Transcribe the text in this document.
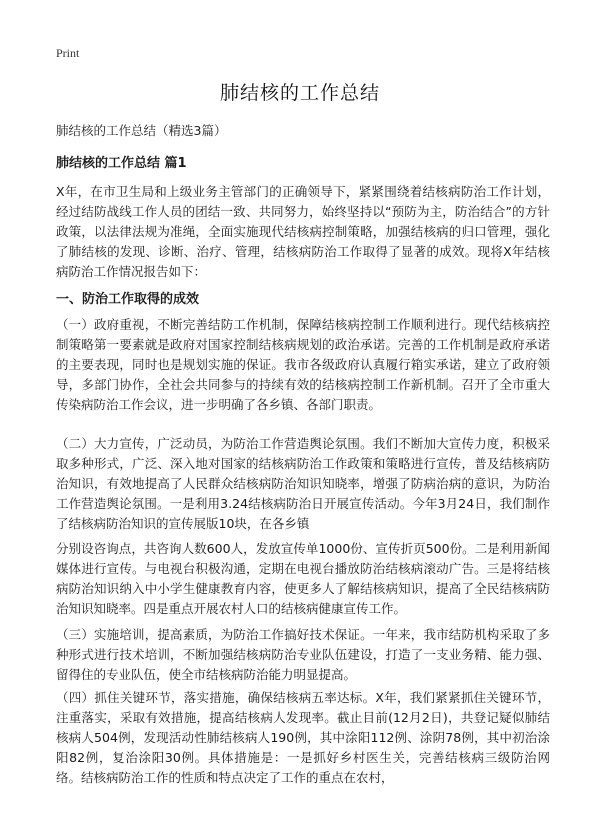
Print
肺结核的工作总结
肺结核的工作总结（精选3篇）
肺结核的工作总结 篇1

X年，在市卫生局和上级业务主管部门的正确领导下，紧紧围绕着结核病防治工作计划，经过结防战线工作人员的团结一致、共同努力，始终坚持以“预防为主，防治结合”的方针政策，以法律法规为准绳，全面实施现代结核病控制策略，加强结核病的归口管理，强化了肺结核的发现、诊断、治疗、管理，结核病防治工作取得了显著的成效。现将X年结核病防治工作情况报告如下：

一、防治工作取得的成效

（一）政府重视，不断完善结防工作机制，保障结核病控制工作顺利进行。现代结核病控制策略第一要素就是政府对国家控制结核病规划的政治承诺。完善的工作机制是政府承诺的主要表现，同时也是规划实施的保证。我市各级政府认真履行箱实承诺，建立了政府领导，多部门协作，全社会共同参与的持续有效的结核病控制工作新机制。召开了全市重大传染病防治工作会议，进一步明确了各乡镇、各部门职责。

（二）大力宣传，广泛动员，为防治工作营造舆论氛围。我们不断加大宣传力度，积极采取多种形式，广泛、深入地对国家的结核病防治工作政策和策略进行宣传，普及结核病防治知识，有效地提高了人民群众结核病防治知识知晓率，增强了防病治病的意识，为防治工作营造舆论氛围。一是利用3.24结核病防治日开展宣传活动。今年3月24日，我们制作了结核病防治知识的宣传展版10块，在各乡镇

分别设咨询点，共咨询人数600人，发放宣传单1000份、宣传折页500份。二是利用新闻媒体进行宣传。与电视台积极沟通，定期在电视台播放防治结核病滚动广告。三是将结核病防治知识纳入中小学生健康教育内容，使更多人了解结核病知识，提高了全民结核病防治知识知晓率。四是重点开展农村人口的结核病健康宣传工作。

（三）实施培训，提高素质，为防治工作搞好技术保证。一年来，我市结防机构采取了多种形式进行技术培训，不断加强结核病防治专业队伍建设，打造了一支业务精、能力强、留得住的专业队伍，使全市结核病防治能力明显提高。

（四）抓住关键环节，落实措施，确保结核病五率达标。X年，我们紧紧抓住关键环节，注重落实，采取有效措施，提高结核病人发现率。截止目前(12月2日)，共登记疑似肺结核病人504例，发现活动性肺结核病人190例，其中涂阳112例、涂阴78例，其中初治涂阳82例，复治涂阳30例。具体措施是：一是抓好乡村医生关，完善结核病三级防治网络。结核病防治工作的性质和特点决定了工作的重点在农村，
